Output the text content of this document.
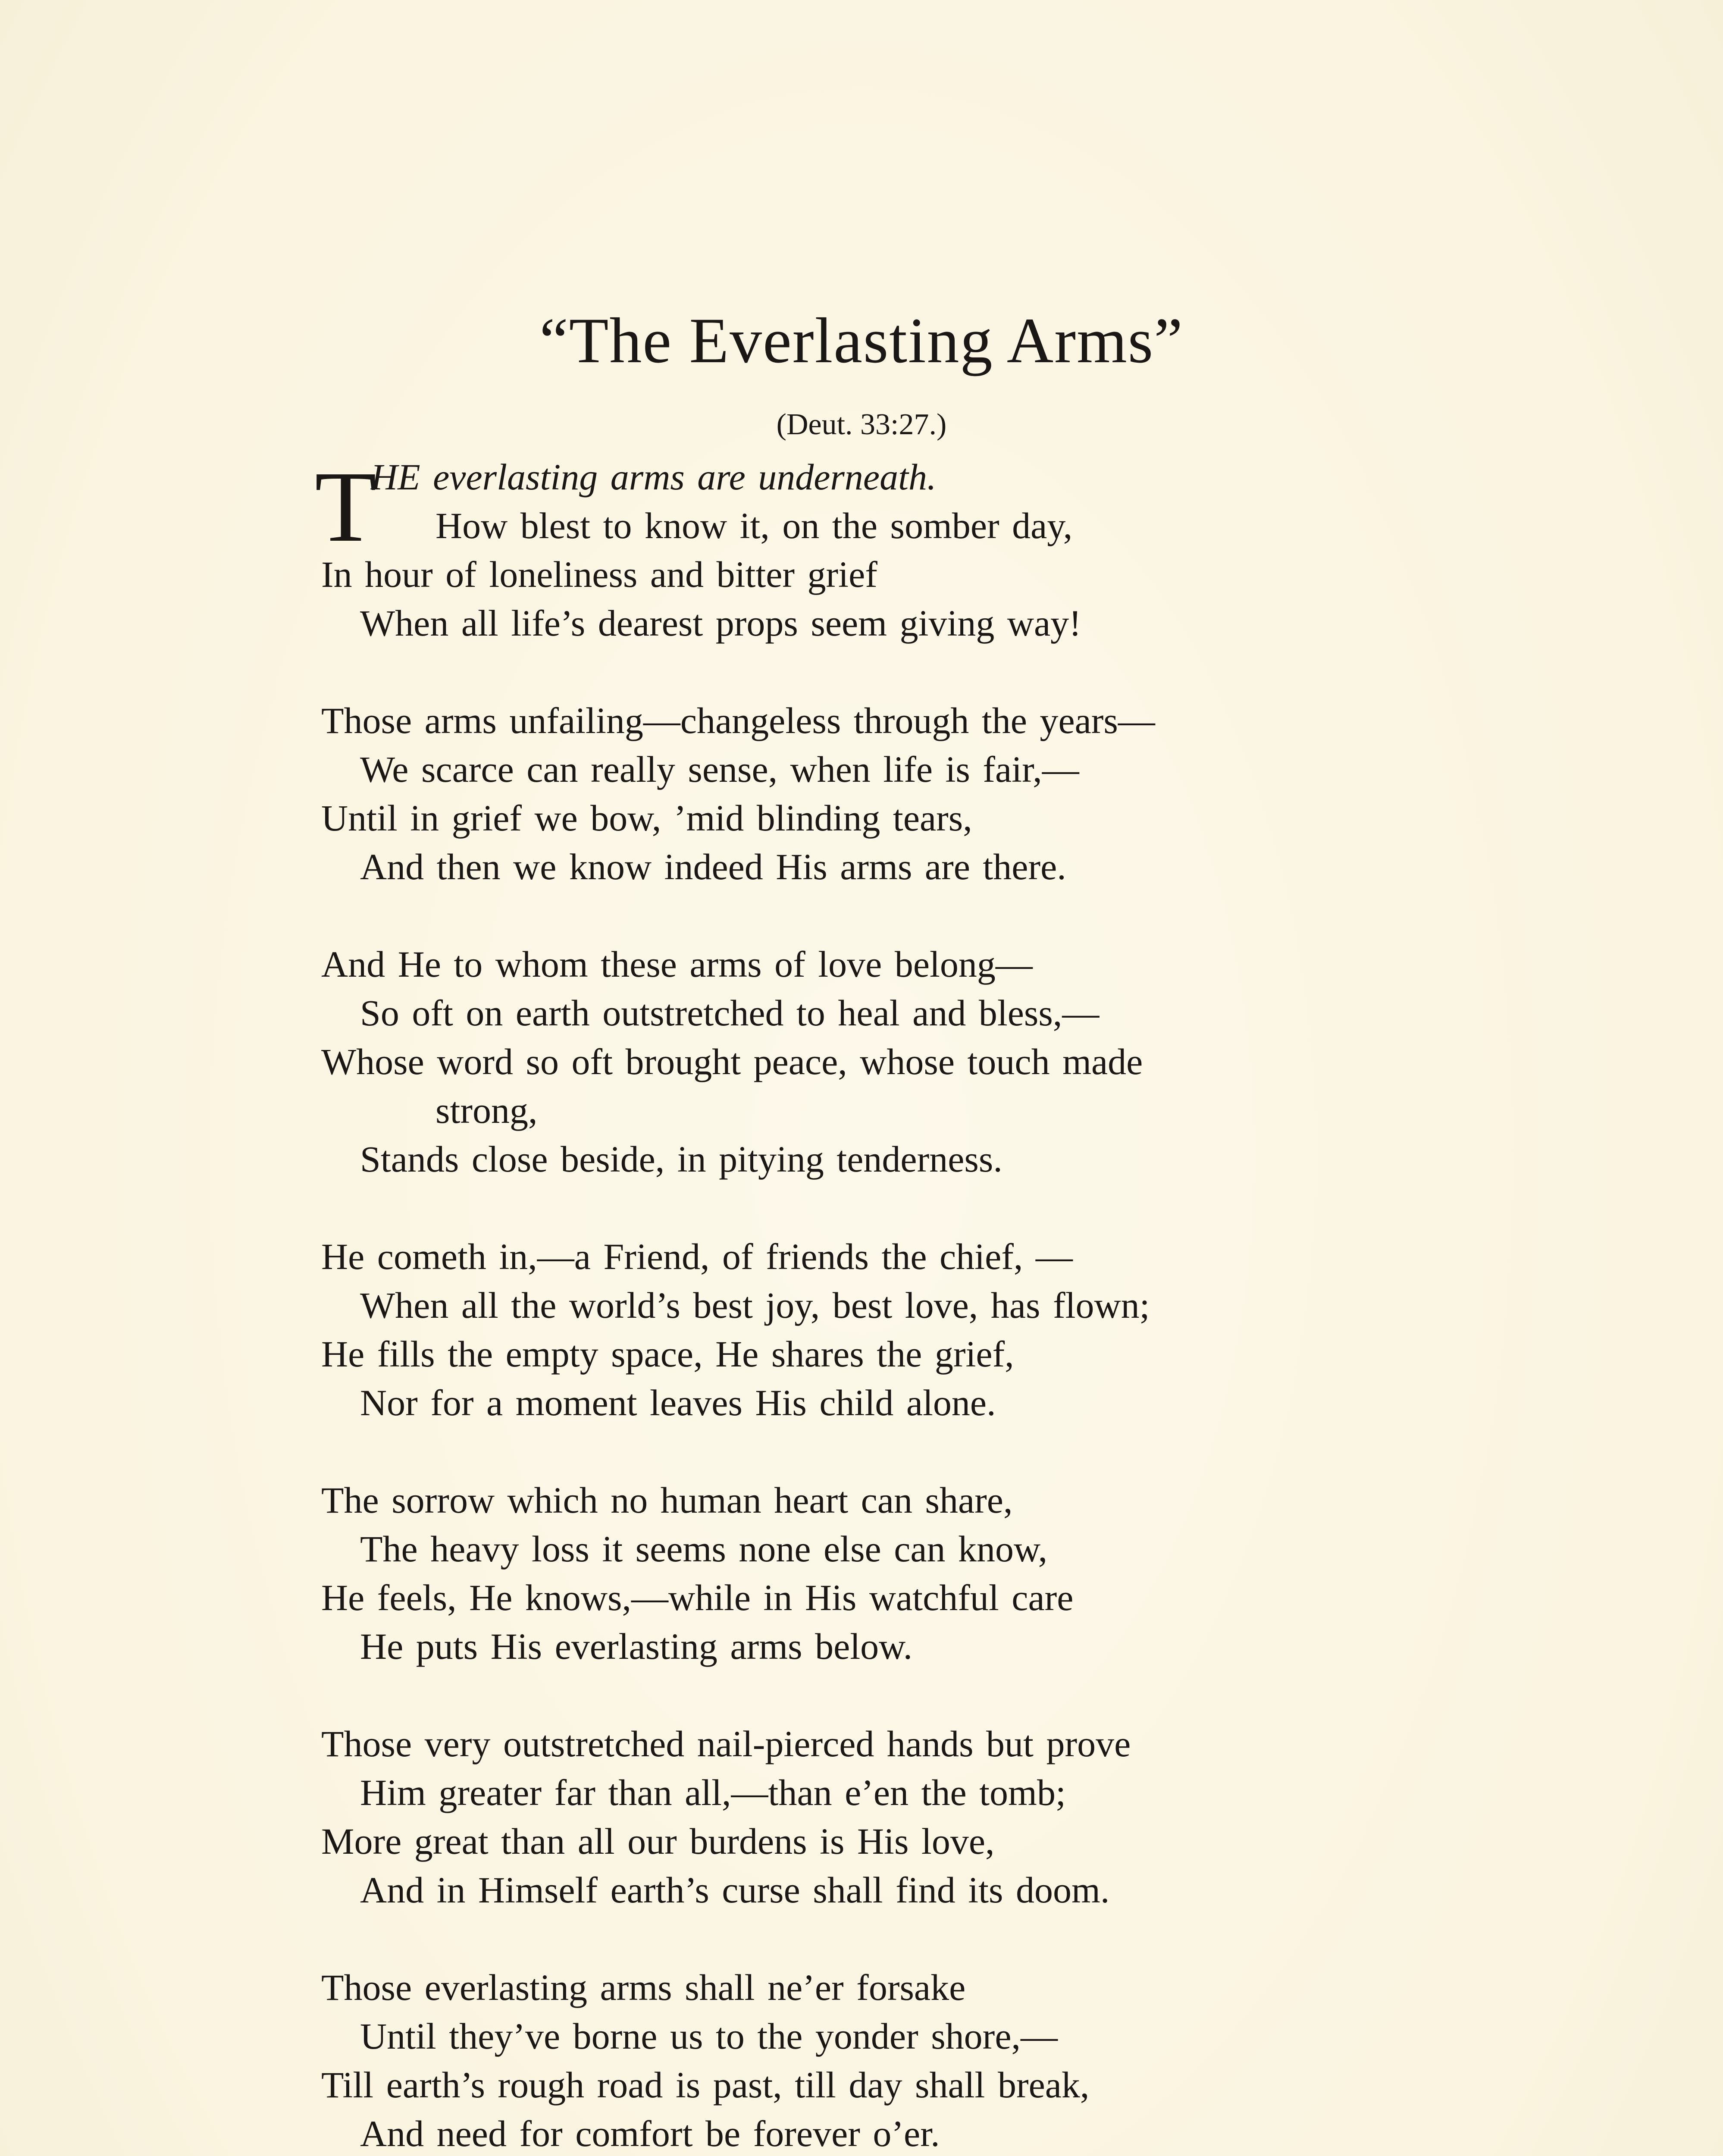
“The Everlasting Arms”
(Deut. 33:27.)
T
HE everlasting arms are underneath.
How blest to know it, on the somber day,
In hour of loneliness and bitter grief
When all life’s dearest props seem giving way!
Those arms unfailing—changeless through the years—
We scarce can really sense, when life is fair,—
Until in grief we bow, ’mid blinding tears,
And then we know indeed His arms are there.
And He to whom these arms of love belong—
So oft on earth outstretched to heal and bless,—
Whose word so oft brought peace, whose touch made
strong,
Stands close beside, in pitying tenderness.
He cometh in,—a Friend, of friends the chief, —
When all the world’s best joy, best love, has flown;
He fills the empty space, He shares the grief,
Nor for a moment leaves His child alone.
The sorrow which no human heart can share,
The heavy loss it seems none else can know,
He feels, He knows,—while in His watchful care
He puts His everlasting arms below.
Those very outstretched nail-pierced hands but prove
Him greater far than all,—than e’en the tomb;
More great than all our burdens is His love,
And in Himself earth’s curse shall find its doom.
Those everlasting arms shall ne’er forsake
Until they’ve borne us to the yonder shore,—
Till earth’s rough road is past, till day shall break,
And need for comfort be forever o’er.
